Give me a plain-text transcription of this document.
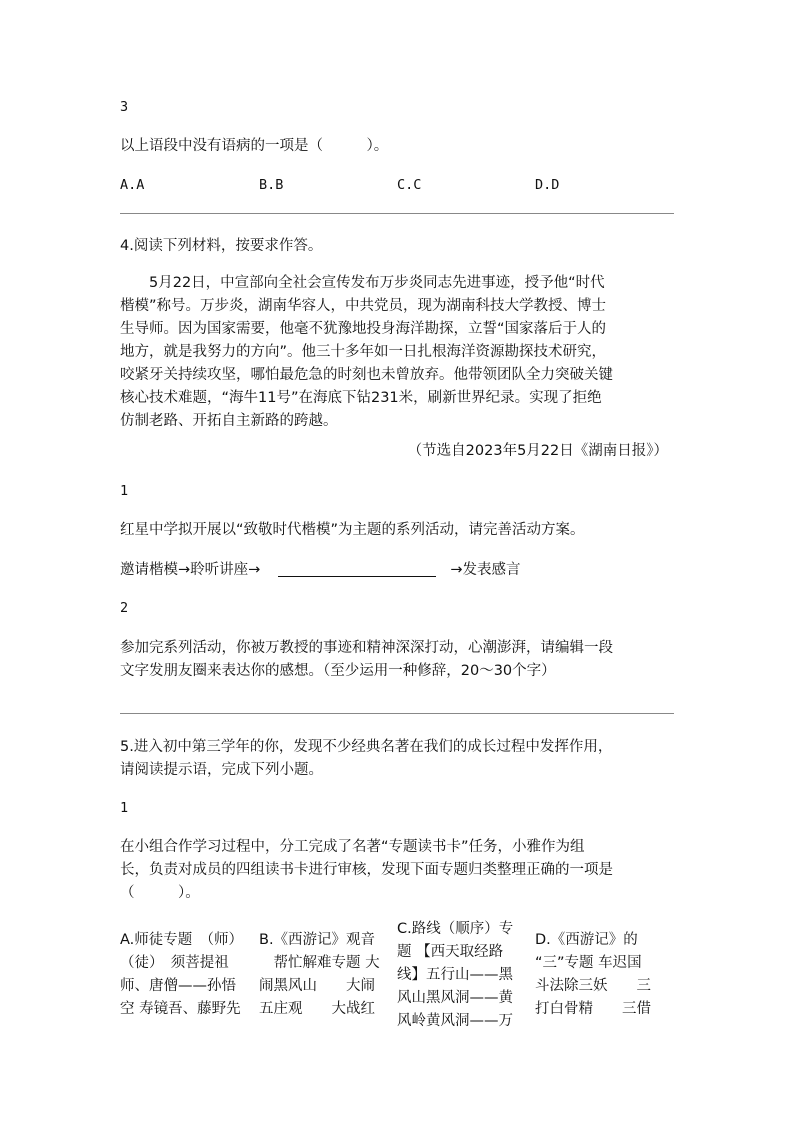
3
以上语段中没有语病的一项是（　　　）。
A.A	B.B	C.C	D.D
4.阅读下列材料，按要求作答。
　　5月22日，中宣部向全社会宣传发布万步炎同志先进事迹，授予他“时代
楷模”称号。万步炎，湖南华容人，中共党员，现为湖南科技大学教授、博士
生导师。因为国家需要，他毫不犹豫地投身海洋勘探，立誓“国家落后于人的
地方，就是我努力的方向”。他三十多年如一日扎根海洋资源勘探技术研究，
咬紧牙关持续攻坚，哪怕最危急的时刻也未曾放弃。他带领团队全力突破关键
核心技术难题，“海牛11号”在海底下钻231米，刷新世界纪录。实现了拒绝
仿制老路、开拓自主新路的跨越。
（节选自2023年5月22日《湖南日报》）
1
红星中学拟开展以“致敬时代楷模”为主题的系列活动，请完善活动方案。
邀请楷模→聆听讲座→	→发表感言
2
参加完系列活动，你被万教授的事迹和精神深深打动，心潮澎湃，请编辑一段
文字发朋友圈来表达你的感想。（至少运用一种修辞，20～30个字）
5.进入初中第三学年的你，发现不少经典名著在我们的成长过程中发挥作用，
请阅读提示语，完成下列小题。
1
在小组合作学习过程中，分工完成了名著“专题读书卡”任务，小雅作为组
长，负责对成员的四组读书卡进行审核，发现下面专题归类整理正确的一项是
（　　　）。
A.师徒专题　（师）
（徒）　须菩提祖
师、唐僧——孙悟
空 寿镜吾、藤野先
B.《西游记》观音
　帮忙解难专题 大
闹黑风山　　大闹
五庄观　　大战红
C.路线（顺序）专
题 【西天取经路
线】五行山——黑
风山黑风洞——黄
风岭黄风洞——万
D.《西游记》的
“三”专题 车迟国
斗法除三妖　　三
打白骨精　　三借
